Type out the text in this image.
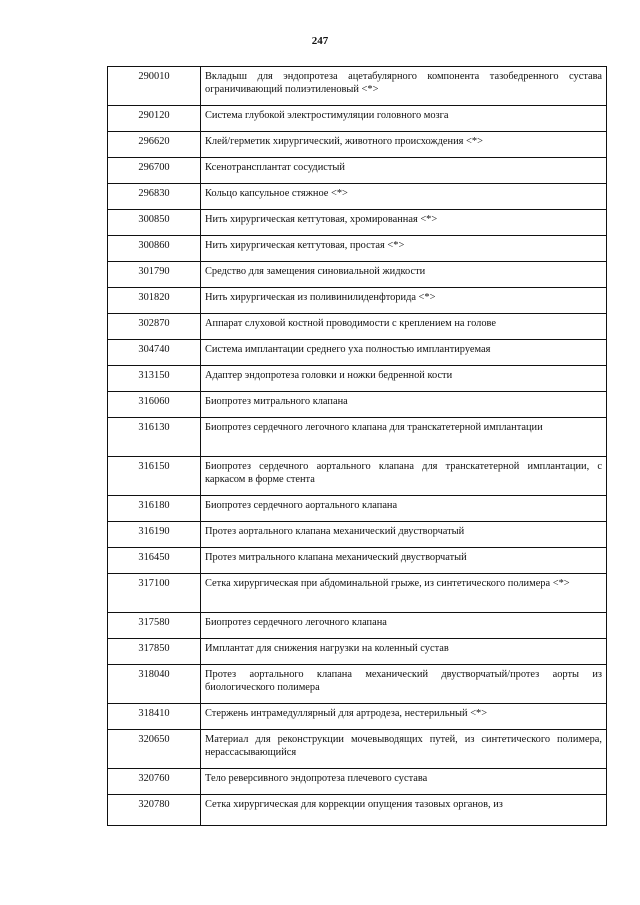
247
290010	Вкладыш для эндопротеза ацетабулярного компонента тазобедренного сустава ограничивающий полиэтиленовый <*>
290120	Система глубокой электростимуляции головного мозга
296620	Клей/герметик хирургический, животного происхождения <*>
296700	Ксенотрансплантат сосудистый
296830	Кольцо капсульное стяжное <*>
300850	Нить хирургическая кетгутовая, хромированная <*>
300860	Нить хирургическая кетгутовая, простая <*>
301790	Средство для замещения синовиальной жидкости
301820	Нить хирургическая из поливинилиденфторида <*>
302870	Аппарат слуховой костной проводимости с креплением на голове
304740	Система имплантации среднего уха полностью имплантируемая
313150	Адаптер эндопротеза головки и ножки бедренной кости
316060	Биопротез митрального клапана
316130	Биопротез сердечного легочного клапана для транскатетерной имплантации
316150	Биопротез сердечного аортального клапана для транскатетерной имплантации, с каркасом в форме стента
316180	Биопротез сердечного аортального клапана
316190	Протез аортального клапана механический двустворчатый
316450	Протез митрального клапана механический двустворчатый
317100	Сетка хирургическая при абдоминальной грыже, из синтетического полимера <*>
317580	Биопротез сердечного легочного клапана
317850	Имплантат для снижения нагрузки на коленный сустав
318040	Протез аортального клапана механический двустворчатый/протез аорты из биологического полимера
318410	Стержень интрамедуллярный для артродеза, нестерильный <*>
320650	Материал для реконструкции мочевыводящих путей, из синтетического полимера, нерассасывающийся
320760	Тело реверсивного эндопротеза плечевого сустава
320780	Сетка хирургическая для коррекции опущения тазовых органов, из
